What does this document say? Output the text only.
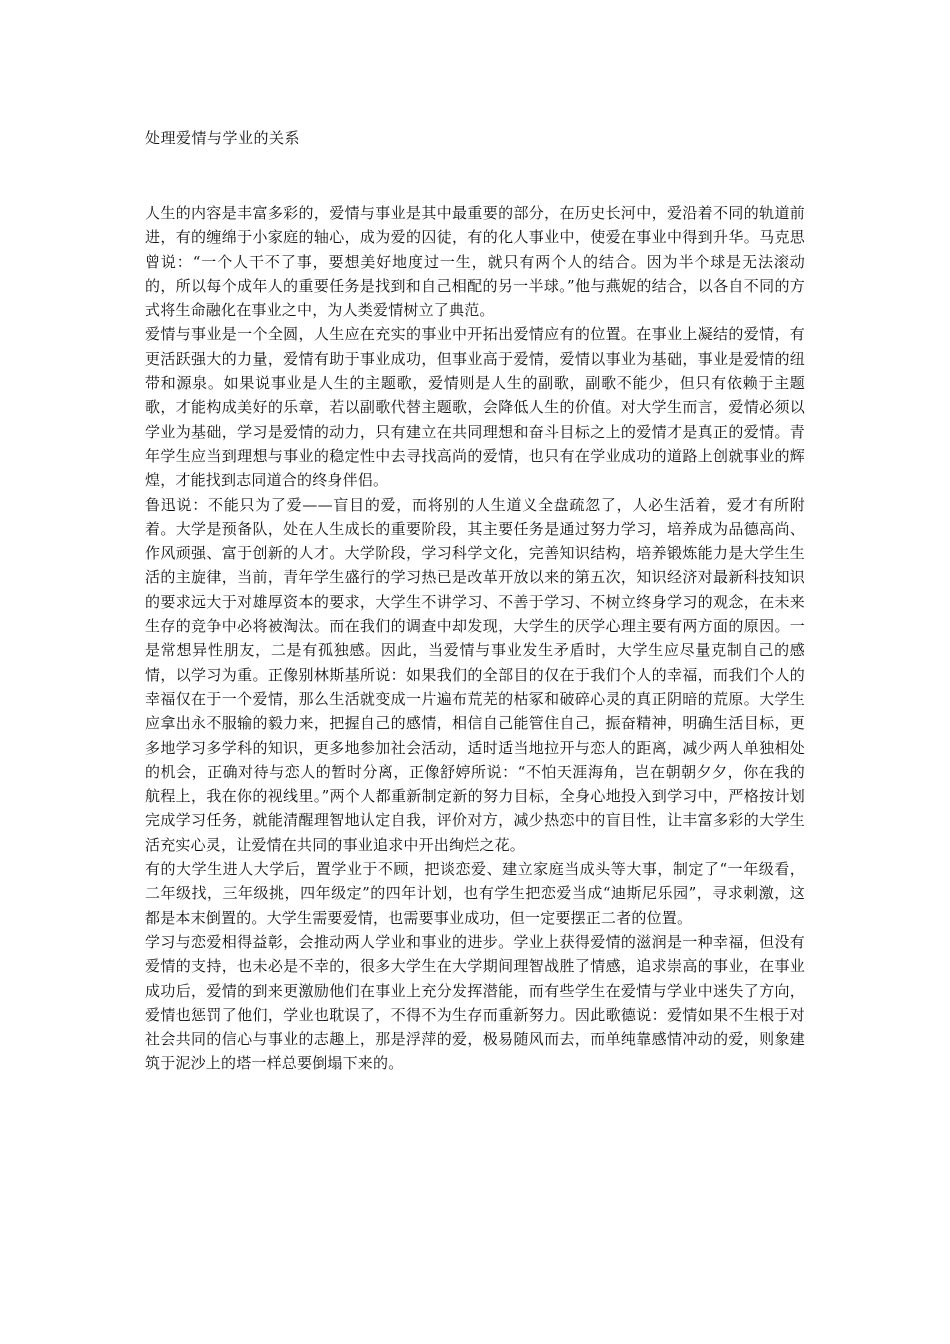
处理爱情与学业的关系

人生的内容是丰富多彩的，爱情与事业是其中最重要的部分，在历史长河中，爱沿着不同的轨道前进，有的缠绵于小家庭的轴心，成为爱的囚徒，有的化人事业中，使爱在事业中得到升华。马克思曾说：“一个人干不了事，要想美好地度过一生，就只有两个人的结合。因为半个球是无法滚动的，所以每个成年人的重要任务是找到和自己相配的另一半球。”他与燕妮的结合，以各自不同的方式将生命融化在事业之中，为人类爱情树立了典范。

爱情与事业是一个全圆，人生应在充实的事业中开拓出爱情应有的位置。在事业上凝结的爱情，有更活跃强大的力量，爱情有助于事业成功，但事业高于爱情，爱情以事业为基础，事业是爱情的纽带和源泉。如果说事业是人生的主题歌，爱情则是人生的副歌，副歌不能少，但只有依赖于主题歌，才能构成美好的乐章，若以副歌代替主题歌，会降低人生的价值。对大学生而言，爱情必须以学业为基础，学习是爱情的动力，只有建立在共同理想和奋斗目标之上的爱情才是真正的爱情。青年学生应当到理想与事业的稳定性中去寻找高尚的爱情，也只有在学业成功的道路上创就事业的辉煌，才能找到志同道合的终身伴侣。

鲁迅说：不能只为了爱——盲目的爱，而将别的人生道义全盘疏忽了，人必生活着，爱才有所附着。大学是预备队，处在人生成长的重要阶段，其主要任务是通过努力学习，培养成为品德高尚、作风顽强、富于创新的人才。大学阶段，学习科学文化，完善知识结构，培养锻炼能力是大学生生活的主旋律，当前，青年学生盛行的学习热已是改革开放以来的第五次，知识经济对最新科技知识的要求远大于对雄厚资本的要求，大学生不讲学习、不善于学习、不树立终身学习的观念，在未来生存的竞争中必将被淘汰。而在我们的调查中却发现，大学生的厌学心理主要有两方面的原因。一是常想异性朋友，二是有孤独感。因此，当爱情与事业发生矛盾时，大学生应尽量克制自己的感情，以学习为重。正像别林斯基所说：如果我们的全部目的仅在于我们个人的幸福，而我们个人的幸福仅在于一个爱情，那么生活就变成一片遍布荒芜的枯冢和破碎心灵的真正阴暗的荒原。大学生应拿出永不服输的毅力来，把握自己的感情，相信自己能管住自己，振奋精神，明确生活目标，更多地学习多学科的知识，更多地参加社会活动，适时适当地拉开与恋人的距离，减少两人单独相处的机会，正确对待与恋人的暂时分离，正像舒婷所说：“不怕天涯海角，岂在朝朝夕夕，你在我的航程上，我在你的视线里。”两个人都重新制定新的努力目标，全身心地投入到学习中，严格按计划完成学习任务，就能清醒理智地认定自我，评价对方，减少热恋中的盲目性，让丰富多彩的大学生活充实心灵，让爱情在共同的事业追求中开出绚烂之花。

有的大学生进人大学后，置学业于不顾，把谈恋爱、建立家庭当成头等大事，制定了“一年级看，二年级找，三年级挑，四年级定”的四年计划，也有学生把恋爱当成“迪斯尼乐园”，寻求刺激，这都是本末倒置的。大学生需要爱情，也需要事业成功，但一定要摆正二者的位置。

学习与恋爱相得益彰，会推动两人学业和事业的进步。学业上获得爱情的滋润是一种幸福，但没有爱情的支持，也未必是不幸的，很多大学生在大学期间理智战胜了情感，追求崇高的事业，在事业成功后，爱情的到来更激励他们在事业上充分发挥潜能，而有些学生在爱情与学业中迷失了方向，爱情也惩罚了他们，学业也耽误了，不得不为生存而重新努力。因此歌德说：爱情如果不生根于对社会共同的信心与事业的志趣上，那是浮萍的爱，极易随风而去，而单纯靠感情冲动的爱，则象建筑于泥沙上的塔一样总要倒塌下来的。
